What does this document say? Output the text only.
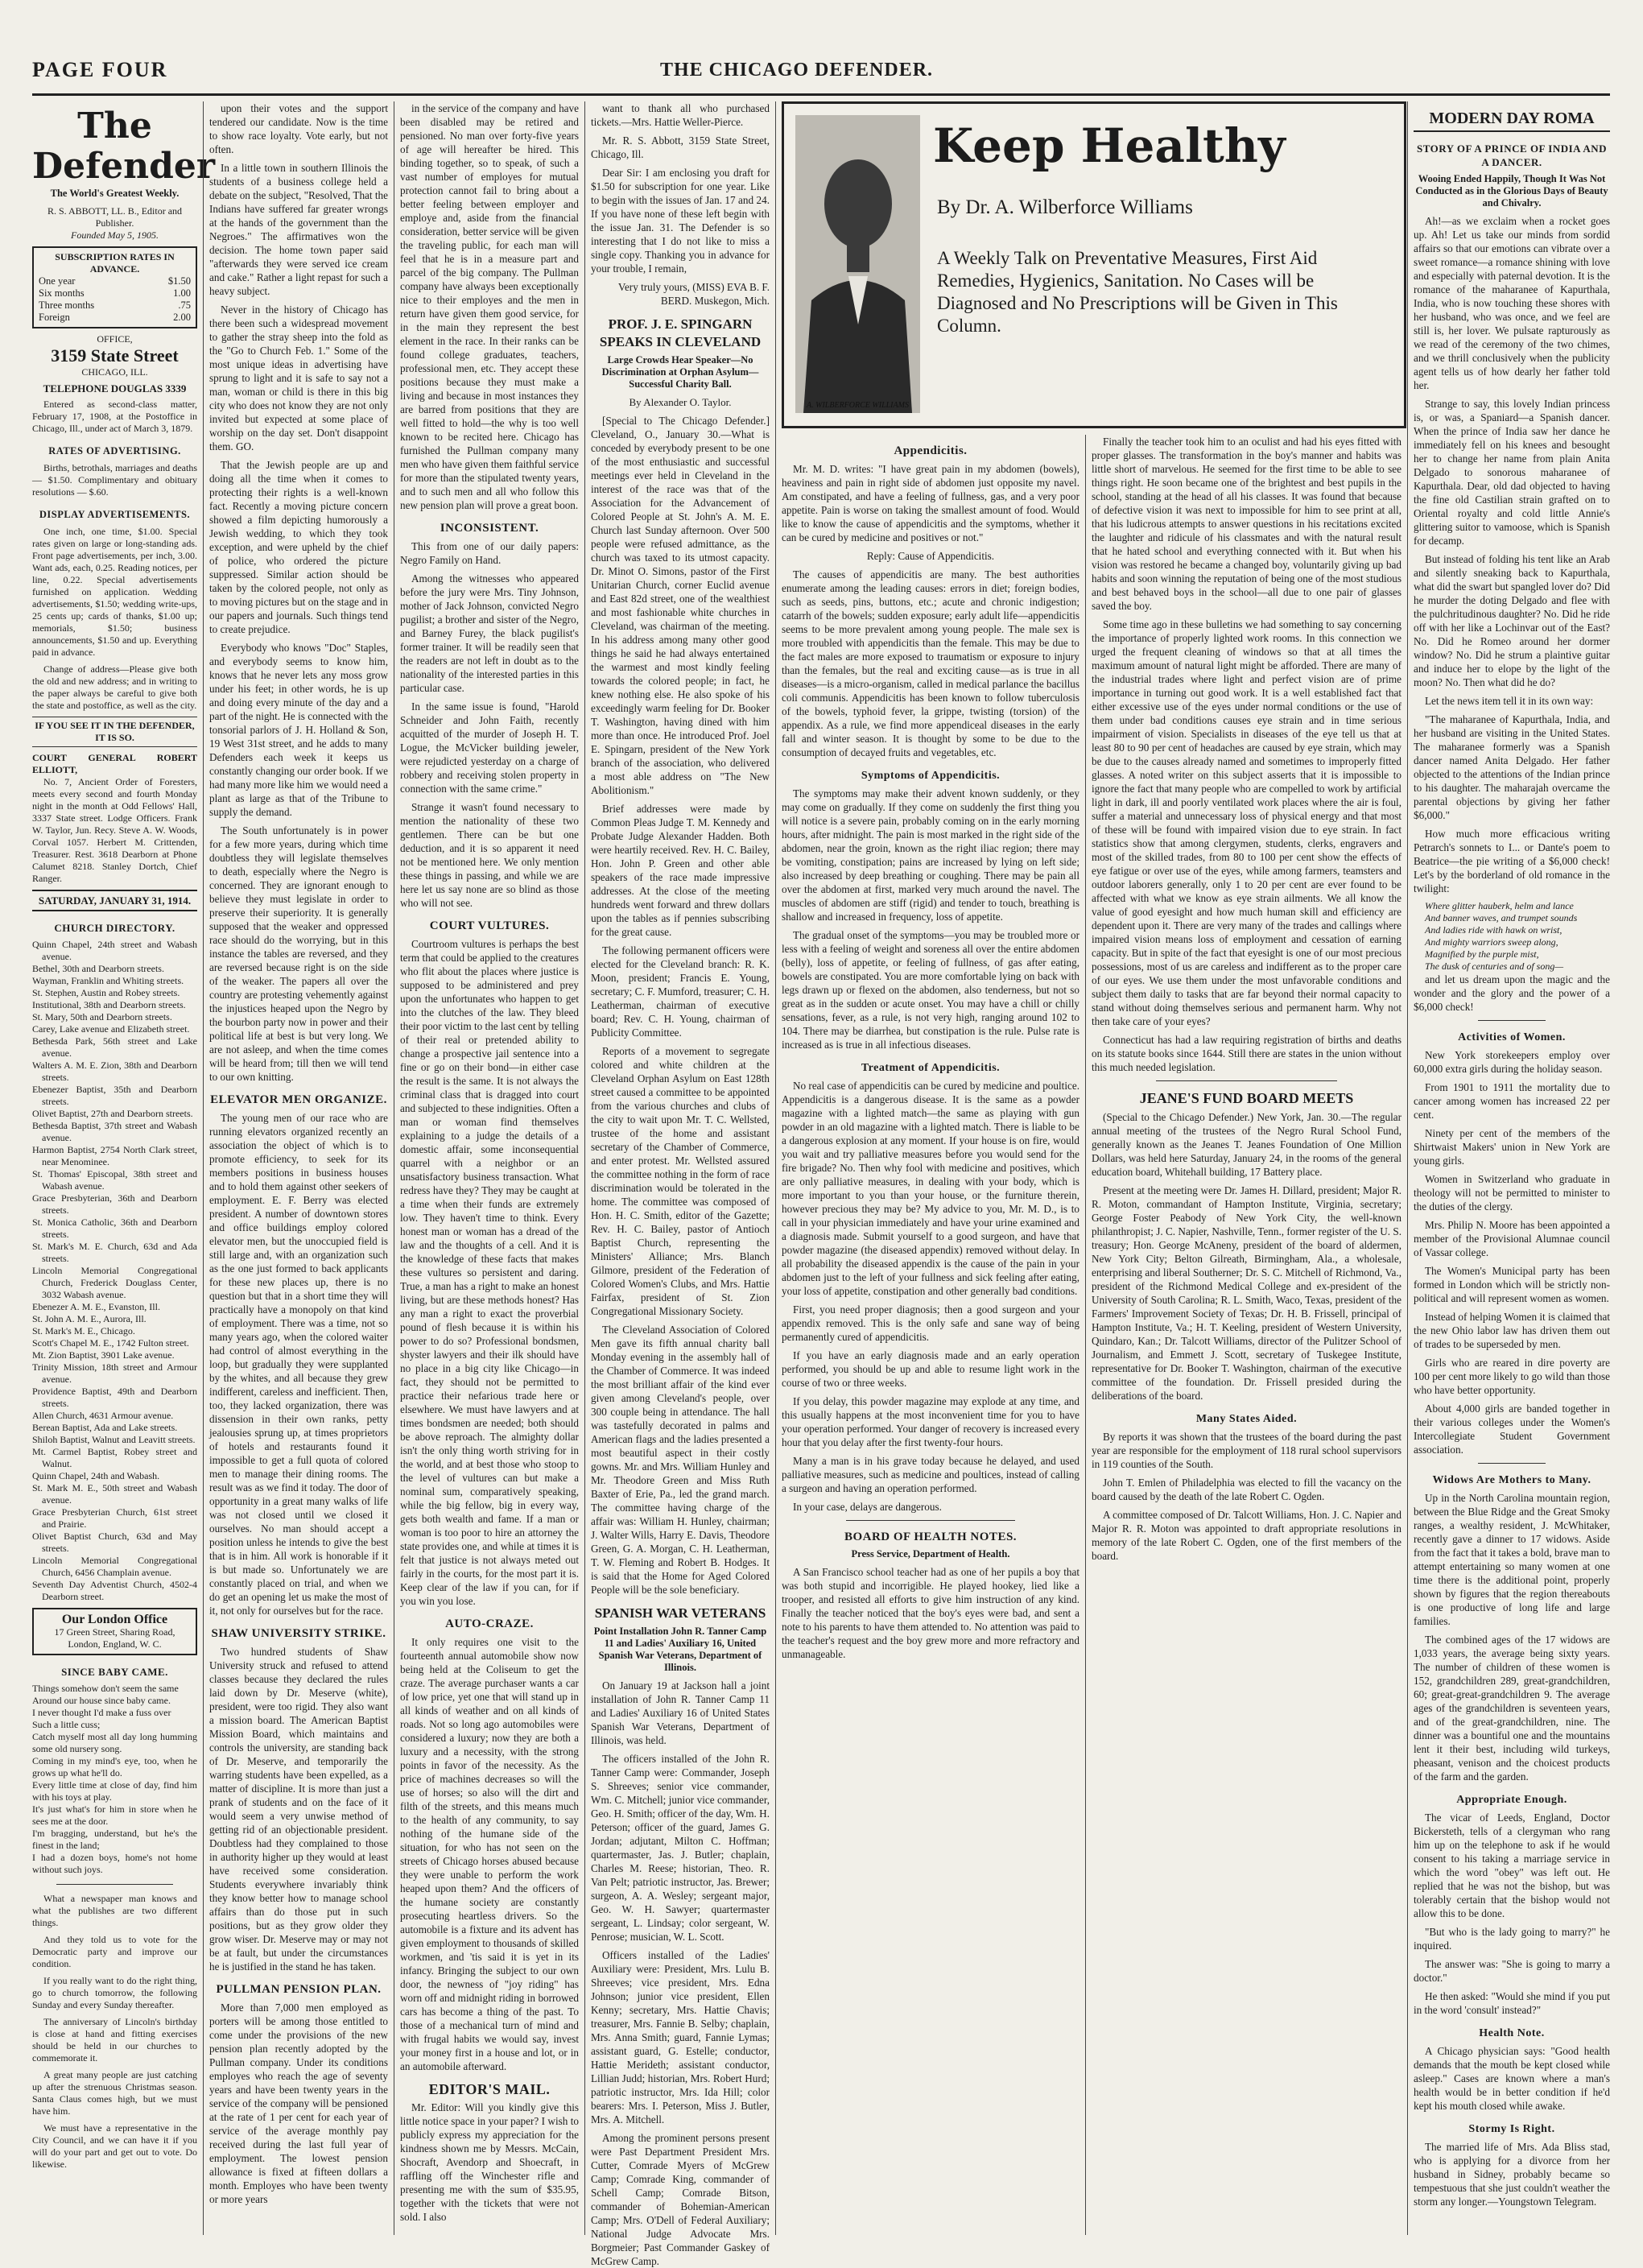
PAGE FOUR	THE CHICAGO DEFENDER.
The Defender
The World's Greatest Weekly.
R. S. ABBOTT, LL. B., Editor and Publisher.
Founded May 5, 1905.
SUBSCRIPTION RATES IN ADVANCE.
One year	$1.50
Six months	1.00
Three months	.75
Foreign	2.00
OFFICE,
3159 State Street
CHICAGO, ILL.
TELEPHONE DOUGLAS 3339

Entered as second-class matter, February 17, 1908, at the Postoffice in Chicago, Ill., under act of March 3, 1879.

RATES OF ADVERTISING.

Births, betrothals, marriages and deaths — $1.50. Complimentary and obituary resolutions — $.60.

DISPLAY ADVERTISEMENTS.

One inch, one time, $1.00. Special rates given on large or long-standing ads. Front page advertisements, per inch, 3.00. Want ads, each, 0.25. Reading notices, per line, 0.22. Special advertisements furnished on application. Wedding advertisements, $1.50; wedding write-ups, 25 cents up; cards of thanks, $1.00 up; memorials, $1.50; business announcements, $1.50 and up. Everything paid in advance.

Change of address—Please give both the old and new address; and in writing to the paper always be careful to give both the state and postoffice, as well as the city.

IF YOU SEE IT IN THE DEFENDER, IT IS SO.
COURT GENERAL ROBERT ELLIOTT,

No. 7, Ancient Order of Foresters, meets every second and fourth Monday night in the month at Odd Fellows' Hall, 3337 State street. Lodge Officers. Frank W. Taylor, Jun. Recy. Steve A. W. Woods, Corval 1057. Herbert M. Crittenden, Treasurer. Rest. 3618 Dearborn at Phone Calumet 8218. Stanley Dortch, Chief Ranger.

SATURDAY, JANUARY 31, 1914.
CHURCH DIRECTORY.

Quinn Chapel, 24th street and Wabash avenue.

Bethel, 30th and Dearborn streets.

Wayman, Franklin and Whiting streets.

St. Stephen, Austin and Robey streets.

Institutional, 38th and Dearborn streets.

St. Mary, 50th and Dearborn streets.

Carey, Lake avenue and Elizabeth street.

Bethesda Park, 56th street and Lake avenue.

Walters A. M. E. Zion, 38th and Dearborn streets.

Ebenezer Baptist, 35th and Dearborn streets.

Olivet Baptist, 27th and Dearborn streets.

Bethesda Baptist, 37th street and Wabash avenue.

Harmon Baptist, 2754 North Clark street, near Menominee.

St. Thomas' Episcopal, 38th street and Wabash avenue.

Grace Presbyterian, 36th and Dearborn streets.

St. Monica Catholic, 36th and Dearborn streets.

St. Mark's M. E. Church, 63d and Ada streets.

Lincoln Memorial Congregational Church, Frederick Douglass Center, 3032 Wabash avenue.

Ebenezer A. M. E., Evanston, Ill.

St. John A. M. E., Aurora, Ill.

St. Mark's M. E., Chicago.

Scott's Chapel M. E., 1742 Fulton street.

Mt. Zion Baptist, 3901 Lake avenue.

Trinity Mission, 18th street and Armour avenue.

Providence Baptist, 49th and Dearborn streets.

Allen Church, 4631 Armour avenue.

Berean Baptist, Ada and Lake streets.

Shiloh Baptist, Walnut and Leavitt streets.

Mt. Carmel Baptist, Robey street and Walnut.

Quinn Chapel, 24th and Wabash.

St. Mark M. E., 50th street and Wabash avenue.

Grace Presbyterian Church, 61st street and Prairie.

Olivet Baptist Church, 63d and May streets.

Lincoln Memorial Congregational Church, 6456 Champlain avenue.

Seventh Day Adventist Church, 4502-4 Dearborn street.

Our London Office
17 Green Street, Sharing Road, London, England, W. C.
SINCE BABY CAME.
Things somehow don't seem the same
Around our house since baby came.
I never thought I'd make a fuss over
Such a little cuss;
Catch myself most all day long humming some old nursery song.
Coming in my mind's eye, too, when he grows up what he'll do.
Every little time at close of day, find him with his toys at play.
It's just what's for him in store when he sees me at the door.
I'm bragging, understand, but he's the finest in the land;
I had a dozen boys, home's not home without such joys.

What a newspaper man knows and what the publishes are two different things.

And they told us to vote for the Democratic party and improve our condition.

If you really want to do the right thing, go to church tomorrow, the following Sunday and every Sunday thereafter.

The anniversary of Lincoln's birthday is close at hand and fitting exercises should be held in our churches to commemorate it.

A great many people are just catching up after the strenuous Christmas season. Santa Claus comes high, but we must have him.

We must have a representative in the City Council, and we can have it if you will do your part and get out to vote. Do likewise.

upon their votes and the support tendered our candidate. Now is the time to show race loyalty. Vote early, but not often.

In a little town in southern Illinois the students of a business college held a debate on the subject, "Resolved, That the Indians have suffered far greater wrongs at the hands of the government than the Negroes." The affirmatives won the decision. The home town paper said "afterwards they were served ice cream and cake." Rather a light repast for such a heavy subject.

Never in the history of Chicago has there been such a widespread movement to gather the stray sheep into the fold as the "Go to Church Feb. 1." Some of the most unique ideas in advertising have sprung to light and it is safe to say not a man, woman or child is there in this big city who does not know they are not only invited but expected at some place of worship on the day set. Don't disappoint them. GO.

That the Jewish people are up and doing all the time when it comes to protecting their rights is a well-known fact. Recently a moving picture concern showed a film depicting humorously a Jewish wedding, to which they took exception, and were upheld by the chief of police, who ordered the picture suppressed. Similar action should be taken by the colored people, not only as to moving pictures but on the stage and in our papers and journals. Such things tend to create prejudice.

Everybody who knows "Doc" Staples, and everybody seems to know him, knows that he never lets any moss grow under his feet; in other words, he is up and doing every minute of the day and a part of the night. He is connected with the tonsorial parlors of J. H. Holland & Son, 19 West 31st street, and he adds to many Defenders each week it keeps us constantly changing our order book. If we had many more like him we would need a plant as large as that of the Tribune to supply the demand.

The South unfortunately is in power for a few more years, during which time doubtless they will legislate themselves to death, especially where the Negro is concerned. They are ignorant enough to believe they must legislate in order to preserve their superiority. It is generally supposed that the weaker and oppressed race should do the worrying, but in this instance the tables are reversed, and they are reversed because right is on the side of the weaker. The papers all over the country are protesting vehemently against the injustices heaped upon the Negro by the bourbon party now in power and their political life at best is but very long. We are not asleep, and when the time comes will be heard from; till then we will tend to our own knitting.

ELEVATOR MEN ORGANIZE.

The young men of our race who are running elevators organized recently an association the object of which is to promote efficiency, to seek for its members positions in business houses and to hold them against other seekers of employment. E. F. Berry was elected president. A number of downtown stores and office buildings employ colored elevator men, but the unoccupied field is still large and, with an organization such as the one just formed to back applicants for these new places up, there is no question but that in a short time they will practically have a monopoly on that kind of employment. There was a time, not so many years ago, when the colored waiter had control of almost everything in the loop, but gradually they were supplanted by the whites, and all because they grew indifferent, careless and inefficient. Then, too, they lacked organization, there was dissension in their own ranks, petty jealousies sprung up, at times proprietors of hotels and restaurants found it impossible to get a full quota of colored men to manage their dining rooms. The result was as we find it today. The door of opportunity in a great many walks of life was not closed until we closed it ourselves. No man should accept a position unless he intends to give the best that is in him. All work is honorable if it is but made so. Unfortunately we are constantly placed on trial, and when we do get an opening let us make the most of it, not only for ourselves but for the race.

SHAW UNIVERSITY STRIKE.

Two hundred students of Shaw University struck and refused to attend classes because they declared the rules laid down by Dr. Meserve (white), president, were too rigid. They also want a mission board. The American Baptist Mission Board, which maintains and controls the university, are standing back of Dr. Meserve, and temporarily the warring students have been expelled, as a matter of discipline. It is more than just a prank of students and on the face of it would seem a very unwise method of getting rid of an objectionable president. Doubtless had they complained to those in authority higher up they would at least have received some consideration. Students everywhere invariably think they know better how to manage school affairs than do those put in such positions, but as they grow older they grow wiser. Dr. Meserve may or may not be at fault, but under the circumstances he is justified in the stand he has taken.

PULLMAN PENSION PLAN.

More than 7,000 men employed as porters will be among those entitled to come under the provisions of the new pension plan recently adopted by the Pullman company. Under its conditions employes who reach the age of seventy years and have been twenty years in the service of the company will be pensioned at the rate of 1 per cent for each year of service of the average monthly pay received during the last full year of employment. The lowest pension allowance is fixed at fifteen dollars a month. Employes who have been twenty or more years

in the service of the company and have been disabled may be retired and pensioned. No man over forty-five years of age will hereafter be hired. This binding together, so to speak, of such a vast number of employes for mutual protection cannot fail to bring about a better feeling between employer and employe and, aside from the financial consideration, better service will be given the traveling public, for each man will feel that he is in a measure part and parcel of the big company. The Pullman company have always been exceptionally nice to their employes and the men in return have given them good service, for in the main they represent the best element in the race. In their ranks can be found college graduates, teachers, professional men, etc. They accept these positions because they must make a living and because in most instances they are barred from positions that they are well fitted to hold—the why is too well known to be recited here. Chicago has furnished the Pullman company many men who have given them faithful service for more than the stipulated twenty years, and to such men and all who follow this new pension plan will prove a great boon.

INCONSISTENT.

This from one of our daily papers: Negro Family on Hand.

Among the witnesses who appeared before the jury were Mrs. Tiny Johnson, mother of Jack Johnson, convicted Negro pugilist; a brother and sister of the Negro, and Barney Furey, the black pugilist's former trainer. It will be readily seen that the readers are not left in doubt as to the nationality of the interested parties in this particular case.

In the same issue is found, "Harold Schneider and John Faith, recently acquitted of the murder of Joseph H. T. Logue, the McVicker building jeweler, were rejudicted yesterday on a charge of robbery and receiving stolen property in connection with the same crime."

Strange it wasn't found necessary to mention the nationality of these two gentlemen. There can be but one deduction, and it is so apparent it need not be mentioned here. We only mention these things in passing, and while we are here let us say none are so blind as those who will not see.

COURT VULTURES.

Courtroom vultures is perhaps the best term that could be applied to the creatures who flit about the places where justice is supposed to be administered and prey upon the unfortunates who happen to get into the clutches of the law. They bleed their poor victim to the last cent by telling of their real or pretended ability to change a prospective jail sentence into a fine or go on their bond—in either case the result is the same. It is not always the criminal class that is dragged into court and subjected to these indignities. Often a man or woman find themselves explaining to a judge the details of a domestic affair, some inconsequential quarrel with a neighbor or an unsatisfactory business transaction. What redress have they? They may be caught at a time when their funds are extremely low. They haven't time to think. Every honest man or woman has a dread of the law and the thoughts of a cell. And it is the knowledge of these facts that makes these vultures so persistent and daring. True, a man has a right to make an honest living, but are these methods honest? Has any man a right to exact the proverbial pound of flesh because it is within his power to do so? Professional bondsmen, shyster lawyers and their ilk should have no place in a big city like Chicago—in fact, they should not be permitted to practice their nefarious trade here or elsewhere. We must have lawyers and at times bondsmen are needed; both should be above reproach. The almighty dollar isn't the only thing worth striving for in the world, and at best those who stoop to the level of vultures can but make a nominal sum, comparatively speaking, while the big fellow, big in every way, gets both wealth and fame. If a man or woman is too poor to hire an attorney the state provides one, and while at times it is felt that justice is not always meted out fairly in the courts, for the most part it is. Keep clear of the law if you can, for if you win you lose.

AUTO-CRAZE.

It only requires one visit to the fourteenth annual automobile show now being held at the Coliseum to get the craze. The average purchaser wants a car of low price, yet one that will stand up in all kinds of weather and on all kinds of roads. Not so long ago automobiles were considered a luxury; now they are both a luxury and a necessity, with the strong points in favor of the necessity. As the price of machines decreases so will the use of horses; so also will the dirt and filth of the streets, and this means much to the health of any community, to say nothing of the humane side of the situation, for who has not seen on the streets of Chicago horses abused because they were unable to perform the work heaped upon them? And the officers of the humane society are constantly prosecuting heartless drivers. So the automobile is a fixture and its advent has given employment to thousands of skilled workmen, and 'tis said it is yet in its infancy. Bringing the subject to our own door, the newness of "joy riding" has worn off and midnight riding in borrowed cars has become a thing of the past. To those of a mechanical turn of mind and with frugal habits we would say, invest your money first in a house and lot, or in an automobile afterward.

EDITOR'S MAIL.

Mr. Editor: Will you kindly give this little notice space in your paper? I wish to publicly express my appreciation for the kindness shown me by Messrs. McCain, Shocraft, Avendorp and Shoecraft, in raffling off the Winchester rifle and presenting me with the sum of $35.95, together with the tickets that were not sold. I also

want to thank all who purchased tickets.—Mrs. Hattie Weller-Pierce.

Mr. R. S. Abbott, 3159 State Street, Chicago, Ill.

Dear Sir: I am enclosing you draft for $1.50 for subscription for one year. Like to begin with the issues of Jan. 17 and 24. If you have none of these left begin with the issue Jan. 31. The Defender is so interesting that I do not like to miss a single copy. Thanking you in advance for your trouble, I remain,

Very truly yours, (MISS) EVA B. F. BERD. Muskegon, Mich.

PROF. J. E. SPINGARN SPEAKS IN CLEVELAND
Large Crowds Hear Speaker—No Discrimination at Orphan Asylum—Successful Charity Ball.
By Alexander O. Taylor.

[Special to The Chicago Defender.] Cleveland, O., January 30.—What is conceded by everybody present to be one of the most enthusiastic and successful meetings ever held in Cleveland in the interest of the race was that of the Association for the Advancement of Colored People at St. John's A. M. E. Church last Sunday afternoon. Over 500 people were refused admittance, as the church was taxed to its utmost capacity. Dr. Minot O. Simons, pastor of the First Unitarian Church, corner Euclid avenue and East 82d street, one of the wealthiest and most fashionable white churches in Cleveland, was chairman of the meeting. In his address among many other good things he said he had always entertained the warmest and most kindly feeling towards the colored people; in fact, he knew nothing else. He also spoke of his exceedingly warm feeling for Dr. Booker T. Washington, having dined with him more than once. He introduced Prof. Joel E. Spingarn, president of the New York branch of the association, who delivered a most able address on "The New Abolitionism."

Brief addresses were made by Common Pleas Judge T. M. Kennedy and Probate Judge Alexander Hadden. Both were heartily received. Rev. H. C. Bailey, Hon. John P. Green and other able speakers of the race made impressive addresses. At the close of the meeting hundreds went forward and threw dollars upon the tables as if pennies subscribing for the great cause.

The following permanent officers were elected for the Cleveland branch: R. K. Moon, president; Francis E. Young, secretary; C. F. Mumford, treasurer; C. H. Leatherman, chairman of executive board; Rev. C. H. Young, chairman of Publicity Committee.

Reports of a movement to segregate colored and white children at the Cleveland Orphan Asylum on East 128th street caused a committee to be appointed from the various churches and clubs of the city to wait upon Mr. T. C. Wellsted, trustee of the home and assistant secretary of the Chamber of Commerce, and enter protest. Mr. Wellsted assured the committee nothing in the form of race discrimination would be tolerated in the home. The committee was composed of Hon. H. C. Smith, editor of the Gazette; Rev. H. C. Bailey, pastor of Antioch Baptist Church, representing the Ministers' Alliance; Mrs. Blanch Gilmore, president of the Federation of Colored Women's Clubs, and Mrs. Hattie Fairfax, president of St. Zion Congregational Missionary Society.

The Cleveland Association of Colored Men gave its fifth annual charity ball Monday evening in the assembly hall of the Chamber of Commerce. It was indeed the most brilliant affair of the kind ever given among Cleveland's people, over 300 couple being in attendance. The hall was tastefully decorated in palms and American flags and the ladies presented a most beautiful aspect in their costly gowns. Mr. and Mrs. William Hunley and Mr. Theodore Green and Miss Ruth Baxter of Erie, Pa., led the grand march. The committee having charge of the affair was: William H. Hunley, chairman; J. Walter Wills, Harry E. Davis, Theodore Green, G. A. Morgan, C. H. Leatherman, T. W. Fleming and Robert B. Hodges. It is said that the Home for Aged Colored People will be the sole beneficiary.

SPANISH WAR VETERANS
Point Installation John R. Tanner Camp 11 and Ladies' Auxiliary 16, United Spanish War Veterans, Department of Illinois.

On January 19 at Jackson hall a joint installation of John R. Tanner Camp 11 and Ladies' Auxiliary 16 of United States Spanish War Veterans, Department of Illinois, was held.

The officers installed of the John R. Tanner Camp were: Commander, Joseph S. Shreeves; senior vice commander, Wm. C. Mitchell; junior vice commander, Geo. H. Smith; officer of the day, Wm. H. Peterson; officer of the guard, James G. Jordan; adjutant, Milton C. Hoffman; quartermaster, Jas. J. Butler; chaplain, Charles M. Reese; historian, Theo. R. Van Pelt; patriotic instructor, Jas. Brewer; surgeon, A. A. Wesley; sergeant major, Geo. W. H. Sawyer; quartermaster sergeant, L. Lindsay; color sergeant, W. Penrose; musician, W. L. Scott.

Officers installed of the Ladies' Auxiliary were: President, Mrs. Lulu B. Shreeves; vice president, Mrs. Edna Johnson; junior vice president, Ellen Kenny; secretary, Mrs. Hattie Chavis; treasurer, Mrs. Fannie B. Selby; chaplain, Mrs. Anna Smith; guard, Fannie Lymas; assistant guard, G. Estelle; conductor, Hattie Merideth; assistant conductor, Lillian Judd; historian, Mrs. Robert Hurd; patriotic instructor, Mrs. Ida Hill; color bearers: Mrs. I. Peterson, Miss J. Butler, Mrs. A. Mitchell.

Among the prominent persons present were Past Department President Mrs. Cutter, Comrade Myers of McGrew Camp; Comrade King, commander of Schell Camp; Comrade Bitson, commander of Bohemian-American Camp; Mrs. O'Dell of Federal Auxiliary; National Judge Advocate Mrs. Borgmeier; Past Commander Gaskey of McGrew Camp.

A. WILBERFORCE WILLIAMS
Keep Healthy
By Dr. A. Wilberforce Williams
A Weekly Talk on Preventative Measures, First Aid Remedies, Hygienics, Sanitation. No Cases will be Diagnosed and No Prescriptions will be Given in This Column.
Appendicitis.

Mr. M. D. writes: "I have great pain in my abdomen (bowels), heaviness and pain in right side of abdomen just opposite my navel. Am constipated, and have a feeling of fullness, gas, and a very poor appetite. Pain is worse on taking the smallest amount of food. Would like to know the cause of appendicitis and the symptoms, whether it can be cured by medicine and positives or not."

Reply: Cause of Appendicitis.

The causes of appendicitis are many. The best authorities enumerate among the leading causes: errors in diet; foreign bodies, such as seeds, pins, buttons, etc.; acute and chronic indigestion; catarrh of the bowels; sudden exposure; early adult life—appendicitis seems to be more prevalent among young people. The male sex is more troubled with appendicitis than the female. This may be due to the fact males are more exposed to traumatism or exposure to injury than the females, but the real and exciting cause—as is true in all diseases—is a micro-organism, called in medical parlance the bacillus coli communis. Appendicitis has been known to follow tuberculosis of the bowels, typhoid fever, la grippe, twisting (torsion) of the appendix. As a rule, we find more appendiceal diseases in the early fall and winter season. It is thought by some to be due to the consumption of decayed fruits and vegetables, etc.

Symptoms of Appendicitis.

The symptoms may make their advent known suddenly, or they may come on gradually. If they come on suddenly the first thing you will notice is a severe pain, probably coming on in the early morning hours, after midnight. The pain is most marked in the right side of the abdomen, near the groin, known as the right iliac region; there may be vomiting, constipation; pains are increased by lying on left side; also increased by deep breathing or coughing. There may be pain all over the abdomen at first, marked very much around the navel. The muscles of abdomen are stiff (rigid) and tender to touch, breathing is shallow and increased in frequency, loss of appetite.

The gradual onset of the symptoms—you may be troubled more or less with a feeling of weight and soreness all over the entire abdomen (belly), loss of appetite, or feeling of fullness, of gas after eating, bowels are constipated. You are more comfortable lying on back with legs drawn up or flexed on the abdomen, also tenderness, but not so great as in the sudden or acute onset. You may have a chill or chilly sensations, fever, as a rule, is not very high, ranging around 102 to 104. There may be diarrhea, but constipation is the rule. Pulse rate is increased as is true in all infectious diseases.

Treatment of Appendicitis.

No real case of appendicitis can be cured by medicine and poultice. Appendicitis is a dangerous disease. It is the same as a powder magazine with a lighted match—the same as playing with gun powder in an old magazine with a lighted match. There is liable to be a dangerous explosion at any moment. If your house is on fire, would you wait and try palliative measures before you would send for the fire brigade? No. Then why fool with medicine and positives, which are only palliative measures, in dealing with your body, which is more important to you than your house, or the furniture therein, however precious they may be? My advice to you, Mr. M. D., is to call in your physician immediately and have your urine examined and a diagnosis made. Submit yourself to a good surgeon, and have that powder magazine (the diseased appendix) removed without delay. In all probability the diseased appendix is the cause of the pain in your abdomen just to the left of your fullness and sick feeling after eating, your loss of appetite, constipation and other generally bad conditions.

First, you need proper diagnosis; then a good surgeon and your appendix removed. This is the only safe and sane way of being permanently cured of appendicitis.

If you have an early diagnosis made and an early operation performed, you should be up and able to resume light work in the course of two or three weeks.

If you delay, this powder magazine may explode at any time, and this usually happens at the most inconvenient time for you to have your operation performed. Your danger of recovery is increased every hour that you delay after the first twenty-four hours.

Many a man is in his grave today because he delayed, and used palliative measures, such as medicine and poultices, instead of calling a surgeon and having an operation performed.

In your case, delays are dangerous.

BOARD OF HEALTH NOTES.
Press Service, Department of Health.

A San Francisco school teacher had as one of her pupils a boy that was both stupid and incorrigible. He played hookey, lied like a trooper, and resisted all efforts to give him instruction of any kind. Finally the teacher noticed that the boy's eyes were bad, and sent a note to his parents to have them attended to. No attention was paid to the teacher's request and the boy grew more and more refractory and unmanageable.

Finally the teacher took him to an oculist and had his eyes fitted with proper glasses. The transformation in the boy's manner and habits was little short of marvelous. He seemed for the first time to be able to see things right. He soon became one of the brightest and best pupils in the school, standing at the head of all his classes. It was found that because of defective vision it was next to impossible for him to see print at all, that his ludicrous attempts to answer questions in his recitations excited the laughter and ridicule of his classmates and with the natural result that he hated school and everything connected with it. But when his vision was restored he became a changed boy, voluntarily giving up bad habits and soon winning the reputation of being one of the most studious and best behaved boys in the school—all due to one pair of glasses saved the boy.

Some time ago in these bulletins we had something to say concerning the importance of properly lighted work rooms. In this connection we urged the frequent cleaning of windows so that at all times the maximum amount of natural light might be afforded. There are many of the industrial trades where light and perfect vision are of prime importance in turning out good work. It is a well established fact that either excessive use of the eyes under normal conditions or the use of them under bad conditions causes eye strain and in time serious impairment of vision. Specialists in diseases of the eye tell us that at least 80 to 90 per cent of headaches are caused by eye strain, which may be due to the causes already named and sometimes to improperly fitted glasses. A noted writer on this subject asserts that it is impossible to ignore the fact that many people who are compelled to work by artificial light in dark, ill and poorly ventilated work places where the air is foul, suffer a material and unnecessary loss of physical energy and that most of these will be found with impaired vision due to eye strain. In fact statistics show that among clergymen, students, clerks, engravers and most of the skilled trades, from 80 to 100 per cent show the effects of eye fatigue or over use of the eyes, while among farmers, teamsters and outdoor laborers generally, only 1 to 20 per cent are ever found to be affected with what we know as eye strain ailments. We all know the value of good eyesight and how much human skill and efficiency are dependent upon it. There are very many of the trades and callings where impaired vision means loss of employment and cessation of earning capacity. But in spite of the fact that eyesight is one of our most precious possessions, most of us are careless and indifferent as to the proper care of our eyes. We use them under the most unfavorable conditions and subject them daily to tasks that are far beyond their normal capacity to stand without doing themselves serious and permanent harm. Why not then take care of your eyes?

Connecticut has had a law requiring registration of births and deaths on its statute books since 1644. Still there are states in the union without this much needed legislation.

JEANE'S FUND BOARD MEETS

(Special to the Chicago Defender.) New York, Jan. 30.—The regular annual meeting of the trustees of the Negro Rural School Fund, generally known as the Jeanes T. Jeanes Foundation of One Million Dollars, was held here Saturday, January 24, in the rooms of the general education board, Whitehall building, 17 Battery place.

Present at the meeting were Dr. James H. Dillard, president; Major R. R. Moton, commandant of Hampton Institute, Virginia, secretary; George Foster Peabody of New York City, the well-known philanthropist; J. C. Napier, Nashville, Tenn., former register of the U. S. treasury; Hon. George McAneny, president of the board of aldermen, New York City; Belton Gilreath, Birmingham, Ala., a wholesale, enterprising and liberal Southerner; Dr. S. C. Mitchell of Richmond, Va., president of the Richmond Medical College and ex-president of the University of South Carolina; R. L. Smith, Waco, Texas, president of the Farmers' Improvement Society of Texas; Dr. H. B. Frissell, principal of Hampton Institute, Va.; H. T. Keeling, president of Western University, Quindaro, Kan.; Dr. Talcott Williams, director of the Pulitzer School of Journalism, and Emmett J. Scott, secretary of Tuskegee Institute, representative for Dr. Booker T. Washington, chairman of the executive committee of the foundation. Dr. Frissell presided during the deliberations of the board.

Many States Aided.

By reports it was shown that the trustees of the board during the past year are responsible for the employment of 118 rural school supervisors in 119 counties of the South.

John T. Emlen of Philadelphia was elected to fill the vacancy on the board caused by the death of the late Robert C. Ogden.

A committee composed of Dr. Talcott Williams, Hon. J. C. Napier and Major R. R. Moton was appointed to draft appropriate resolutions in memory of the late Robert C. Ogden, one of the first members of the board.

MODERN DAY ROMA
STORY OF A PRINCE OF INDIA AND A DANCER.
Wooing Ended Happily, Though It Was Not Conducted as in the Glorious Days of Beauty and Chivalry.

Ah!—as we exclaim when a rocket goes up. Ah! Let us take our minds from sordid affairs so that our emotions can vibrate over a sweet romance—a romance shining with love and especially with paternal devotion. It is the romance of the maharanee of Kapurthala, India, who is now touching these shores with her husband, who was once, and we feel are still is, her lover. We pulsate rapturously as we read of the ceremony of the two chimes, and we thrill conclusively when the publicity agent tells us of how dearly her father told her.

Strange to say, this lovely Indian princess is, or was, a Spaniard—a Spanish dancer. When the prince of India saw her dance he immediately fell on his knees and besought her to change her name from plain Anita Delgado to sonorous maharanee of Kapurthala. Dear, old dad objected to having the fine old Castilian strain grafted on to Oriental royalty and cold little Annie's glittering suitor to vamoose, which is Spanish for decamp.

But instead of folding his tent like an Arab and silently sneaking back to Kapurthala, what did the swart but spangled lover do? Did he murder the doting Delgado and flee with the pulchritudinous daughter? No. Did he ride off with her like a Lochinvar out of the East? No. Did he Romeo around her dormer window? No. Did he strum a plaintive guitar and induce her to elope by the light of the moon? No. Then what did he do?

Let the news item tell it in its own way:

"The maharanee of Kapurthala, India, and her husband are visiting in the United States. The maharanee formerly was a Spanish dancer named Anita Delgado. Her father objected to the attentions of the Indian prince to his daughter. The maharajah overcame the parental objections by giving her father $6,000."

How much more efficacious writing Petrarch's sonnets to I... or Dante's poem to Beatrice—the pie writing of a $6,000 check! Let's by the borderland of old romance in the twilight:

Where glitter hauberk, helm and lance
And banner waves, and trumpet sounds
And ladies ride with hawk on wrist,
And mighty warriors sweep along,
Magnified by the purple mist,
The dusk of centuries and of song—

and let us dream upon the magic and the wonder and the glory and the power of a $6,000 check!

Activities of Women.

New York storekeepers employ over 60,000 extra girls during the holiday season.

From 1901 to 1911 the mortality due to cancer among women has increased 22 per cent.

Ninety per cent of the members of the Shirtwaist Makers' union in New York are young girls.

Women in Switzerland who graduate in theology will not be permitted to minister to the duties of the clergy.

Mrs. Philip N. Moore has been appointed a member of the Provisional Alumnae council of Vassar college.

The Women's Municipal party has been formed in London which will be strictly non-political and will represent women as women.

Instead of helping Women it is claimed that the new Ohio labor law has driven them out of trades to be superseded by men.

Girls who are reared in dire poverty are 100 per cent more likely to go wild than those who have better opportunity.

About 4,000 girls are banded together in their various colleges under the Women's Intercollegiate Student Government association.

Widows Are Mothers to Many.

Up in the North Carolina mountain region, between the Blue Ridge and the Great Smoky ranges, a wealthy resident, J. McWhitaker, recently gave a dinner to 17 widows. Aside from the fact that it takes a bold, brave man to attempt entertaining so many women at one time there is the additional point, properly shown by figures that the region thereabouts is one productive of long life and large families.

The combined ages of the 17 widows are 1,033 years, the average being sixty years. The number of children of these women is 152, grandchildren 289, great-grandchildren, 60; great-great-grandchildren 9. The average ages of the grandchildren is seventeen years, and of the great-grandchildren, nine. The dinner was a bountiful one and the mountains lent it their best, including wild turkeys, pheasant, venison and the choicest products of the farm and the garden.

Appropriate Enough.

The vicar of Leeds, England, Doctor Bickersteth, tells of a clergyman who rang him up on the telephone to ask if he would consent to his taking a marriage service in which the word "obey" was left out. He replied that he was not the bishop, but was tolerably certain that the bishop would not allow this to be done.

"But who is the lady going to marry?" he inquired.

The answer was: "She is going to marry a doctor."

He then asked: "Would she mind if you put in the word 'consult' instead?"

Health Note.

A Chicago physician says: "Good health demands that the mouth be kept closed while asleep." Cases are known where a man's health would be in better condition if he'd kept his mouth closed while awake.

Stormy Is Right.

The married life of Mrs. Ada Bliss stad, who is applying for a divorce from her husband in Sidney, probably became so tempestuous that she just couldn't weather the storm any longer.—Youngstown Telegram.
